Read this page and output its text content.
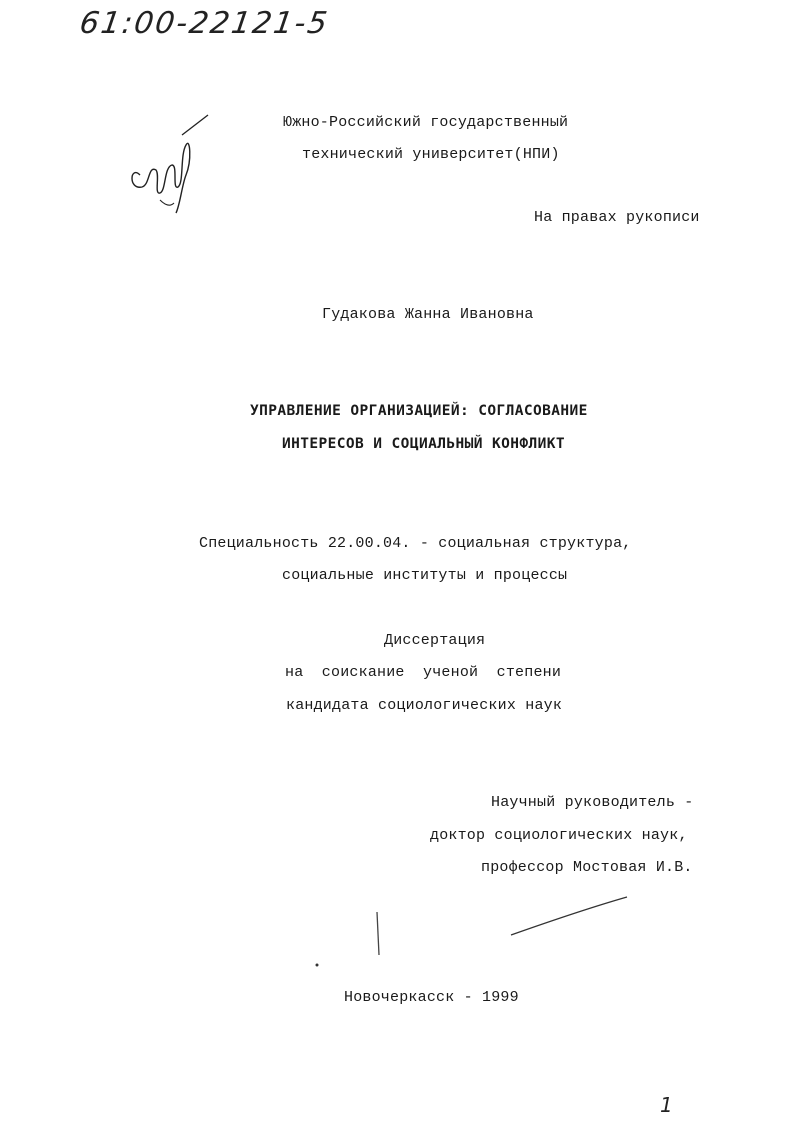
61:00-22121-5
Южно-Российский государственный
технический университет(НПИ)
На правах рукописи
Гудакова Жанна Ивановна
УПРАВЛЕНИЕ ОРГАНИЗАЦИЕЙ: СОГЛАСОВАНИЕ
ИНТЕРЕСОВ И СОЦИАЛЬНЫЙ КОНФЛИКТ
Специальность 22.00.04. - социальная структура,
социальные институты и процессы
Диссертация
на  соискание  ученой  степени
кандидата социологических наук
Научный руководитель -
доктор социологических наук,
профессор Мостовая И.В.
Новочеркасск - 1999
1
